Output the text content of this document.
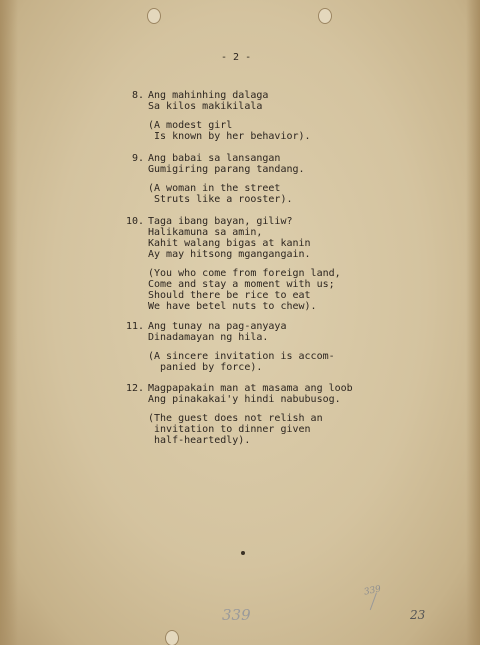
- 2 -
8. Ang mahinhing dalaga
Sa kilos makikilala
(A modest girl
Is known by her behavior).
9. Ang babai sa lansangan
Gumigiring parang tandang.
(A woman in the street
Struts like a rooster).
10. Taga ibang bayan, giliw?
Halikamuna sa amin,
Kahit walang bigas at kanin
Ay may hitsong mgangangain.
(You who come from foreign land,
Come and stay a moment with us;
Should there be rice to eat
We have betel nuts to chew).
11. Ang tunay na pag-anyaya
Dinadamayan ng hila.
(A sincere invitation is accom-
panied by force).
12. Magpapakain man at masama ang loob
Ang pinakakai'y hindi nabubusog.
(The guest does not relish an
invitation to dinner given
half-heartedly).
339
339
23
